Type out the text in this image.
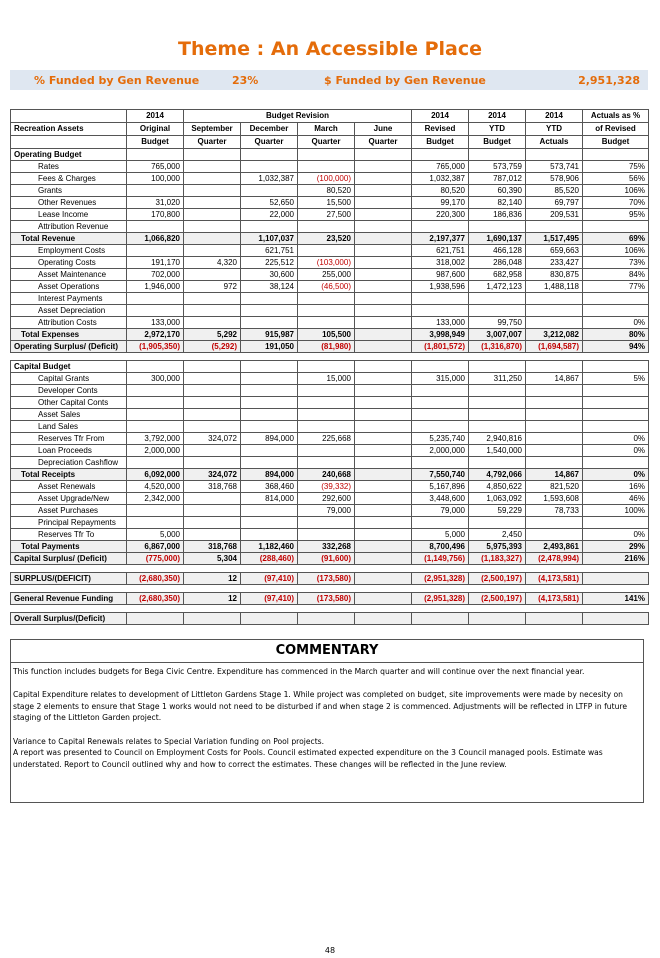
Theme : An Accessible Place
% Funded by Gen Revenue	23%	$ Funded by Gen Revenue	2,951,328
	2014	Budget Revision				2014	2014	2014	Actuals as %
Recreation Assets	Original	September	December	March	June	Revised	YTD	YTD	of Revised
	Budget	Quarter	Quarter	Quarter	Quarter	Budget	Budget	Actuals	Budget
Operating Budget									
Rates	765,000					765,000	573,759	573,741	75%
Fees & Charges	100,000		1,032,387	(100,000)		1,032,387	787,012	578,906	56%
Grants				80,520		80,520	60,390	85,520	106%
Other Revenues	31,020		52,650	15,500		99,170	82,140	69,797	70%
Lease Income	170,800		22,000	27,500		220,300	186,836	209,531	95%
Attribution Revenue									
Total Revenue	1,066,820		1,107,037	23,520		2,197,377	1,690,137	1,517,495	69%
Employment Costs			621,751			621,751	466,128	659,663	106%
Operating Costs	191,170	4,320	225,512	(103,000)		318,002	286,048	233,427	73%
Asset Maintenance	702,000		30,600	255,000		987,600	682,958	830,875	84%
Asset Operations	1,946,000	972	38,124	(46,500)		1,938,596	1,472,123	1,488,118	77%
Interest Payments									
Asset Depreciation									
Attribution Costs	133,000					133,000	99,750		0%
Total Expenses	2,972,170	5,292	915,987	105,500		3,998,949	3,007,007	3,212,082	80%
Operating Surplus/ (Deficit)	(1,905,350)	(5,292)	191,050	(81,980)		(1,801,572)	(1,316,870)	(1,694,587)	94%

Capital Budget									
Capital Grants	300,000			15,000		315,000	311,250	14,867	5%
Developer Conts									
Other Capital Conts									
Asset Sales									
Land Sales									
Reserves Tfr From	3,792,000	324,072	894,000	225,668		5,235,740	2,940,816		0%
Loan Proceeds	2,000,000					2,000,000	1,540,000		0%
Depreciation Cashflow									
Total Receipts	6,092,000	324,072	894,000	240,668		7,550,740	4,792,066	14,867	0%
Asset Renewals	4,520,000	318,768	368,460	(39,332)		5,167,896	4,850,622	821,520	16%
Asset Upgrade/New	2,342,000		814,000	292,600		3,448,600	1,063,092	1,593,608	46%
Asset Purchases				79,000		79,000	59,229	78,733	100%
Principal Repayments									
Reserves Tfr To	5,000					5,000	2,450		0%
Total Payments	6,867,000	318,768	1,182,460	332,268		8,700,496	5,975,393	2,493,861	29%
Capital Surplus/ (Deficit)	(775,000)	5,304	(288,460)	(91,600)		(1,149,756)	(1,183,327)	(2,478,994)	216%

SURPLUS/(DEFICIT)	(2,680,350)	12	(97,410)	(173,580)		(2,951,328)	(2,500,197)	(4,173,581)	

General Revenue Funding	(2,680,350)	12	(97,410)	(173,580)		(2,951,328)	(2,500,197)	(4,173,581)	141%

Overall Surplus/(Deficit)									
COMMENTARY

This function includes budgets for Bega Civic Centre. Expenditure has commenced in the March quarter and will continue over the next financial year.

Capital Expenditure relates to development of Littleton Gardens Stage 1. While project was completed on budget, site improvements were made by necesity on stage 2 elements to ensure that Stage 1 works would not need to be disturbed if and when stage 2 is commenced. Adjustments will be reflected in LTFP in future staging of the Littleton Garden project.

Variance to Capital Renewals relates to Special Variation funding on Pool projects.

A report was presented to Council on Employment Costs for Pools. Council estimated expected expenditure on the 3 Council managed pools. Estimate was understated. Report to Council outlined why and how to correct the estimates. These changes will be reflected in the June review.

48
